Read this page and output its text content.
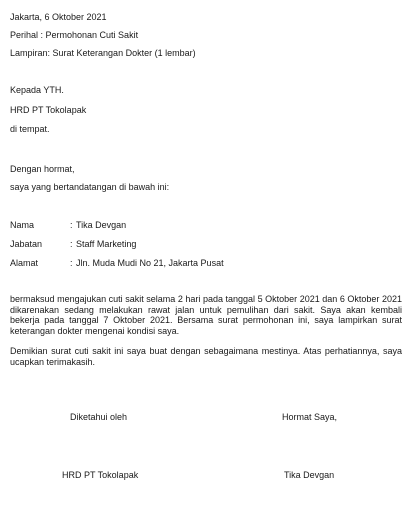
Jakarta, 6 Oktober 2021
Perihal : Permohonan Cuti Sakit
Lampiran: Surat Keterangan Dokter (1 lembar)
Kepada YTH.
HRD PT Tokolapak
di tempat.
Dengan hormat,
saya yang bertandatangan di bawah ini:
Nama	: Tika Devgan
Jabatan	: Staff Marketing
Alamat	: Jln. Muda Mudi No 21, Jakarta Pusat
bermaksud mengajukan cuti sakit selama 2 hari pada tanggal 5 Oktober 2021 dan 6 Oktober 2021 dikarenakan sedang melakukan rawat jalan untuk pemulihan dari sakit. Saya akan kembali bekerja pada tanggal 7 Oktober 2021. Bersama surat permohonan ini, saya lampirkan surat keterangan dokter mengenai kondisi saya.
Demikian surat cuti sakit ini saya buat dengan sebagaimana mestinya. Atas perhatiannya, saya ucapkan terimakasih.
Diketahui oleh	Hormat Saya,
HRD PT Tokolapak	Tika Devgan
